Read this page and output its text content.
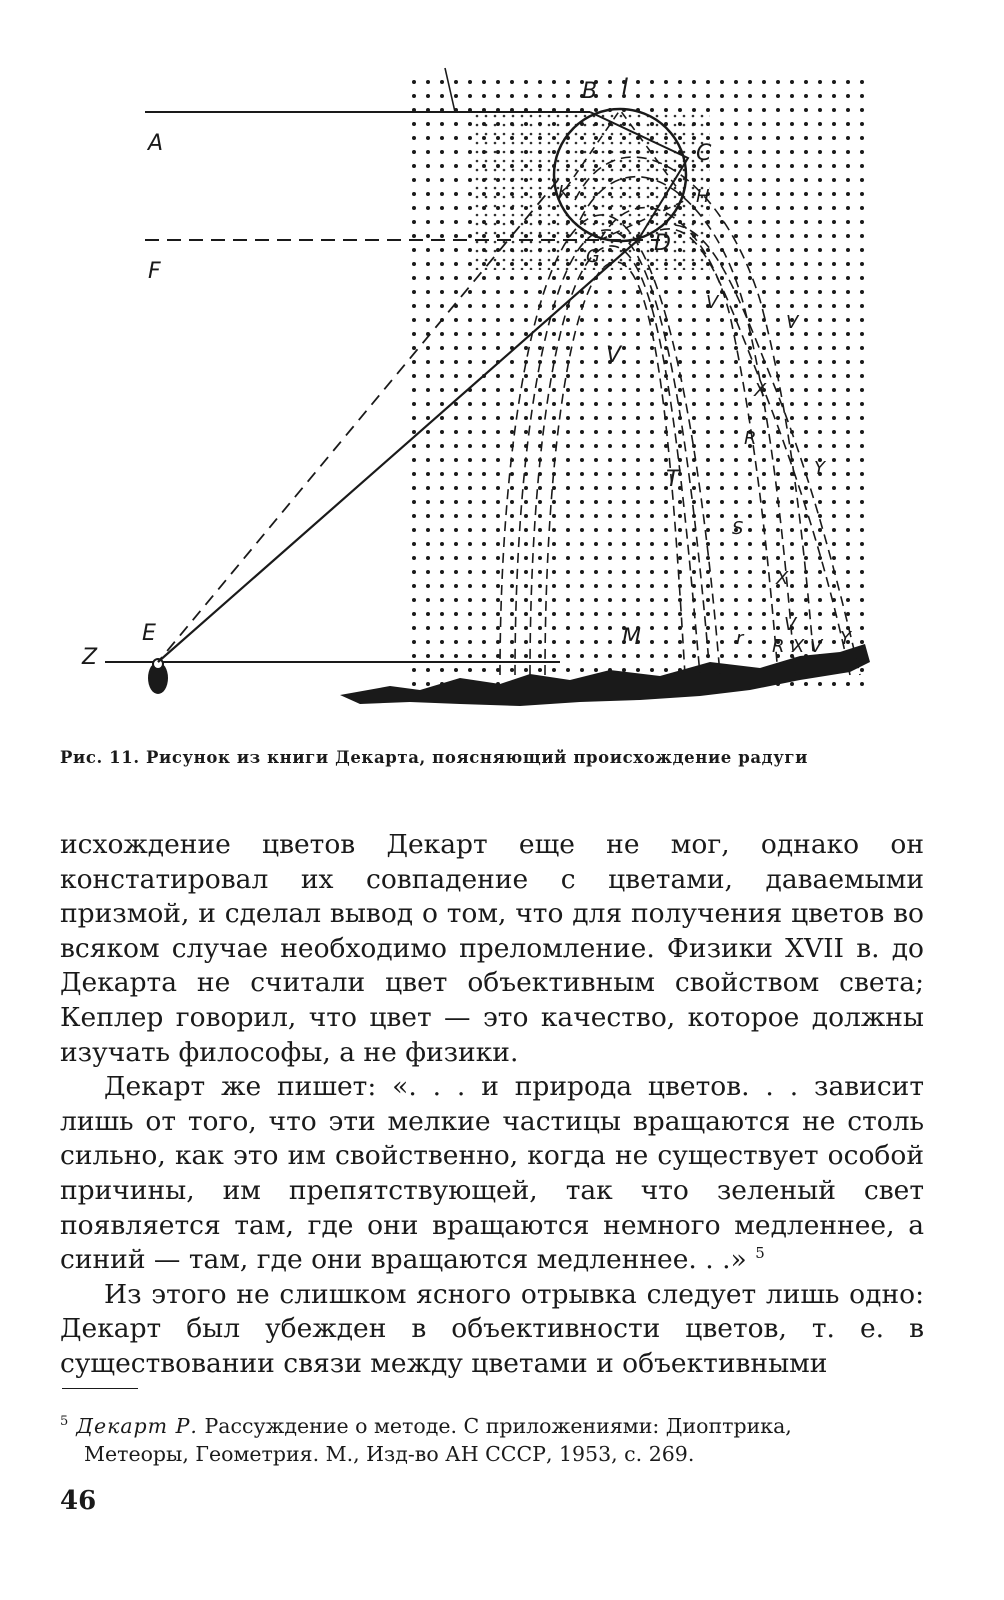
A
F
Z
E
B I
C
H
K
G
D
V
V
V
X
R
T	Y
S
X
V
M	r R X V Y
Рис. 11. Рисунок из книги Декарта, поясняющий происхождение радуги

исхождение цветов Декарт еще не мог, однако он констатировал их совпадение с цветами, даваемыми призмой, и сделал вывод о том, что для получения цветов во всяком случае необходимо преломление. Физики XVII в. до Декарта не считали цвет объективным свойством света; Кеплер говорил, что цвет — это качество, которое должны изучать философы, а не физики.

Декарт же пишет: «. . . и природа цветов. . . зависит лишь от того, что эти мелкие частицы вращаются не столь сильно, как это им свойственно, когда не существует особой причины, им препятствующей, так что зеленый свет появляется там, где они вращаются немного медленнее, а синий — там, где они вращаются медленнее. . .» $^5$

Из этого не слишком ясного отрывка следует лишь одно: Декарт был убежден в объективности цветов, т. е. в существовании связи между цветами и объективными

$^5$ Декарт Р. Рассуждение о методе. С приложениями: Диоптрика,
Метеоры, Геометрия. М., Изд-во АН СССР, 1953, с. 269.
46
